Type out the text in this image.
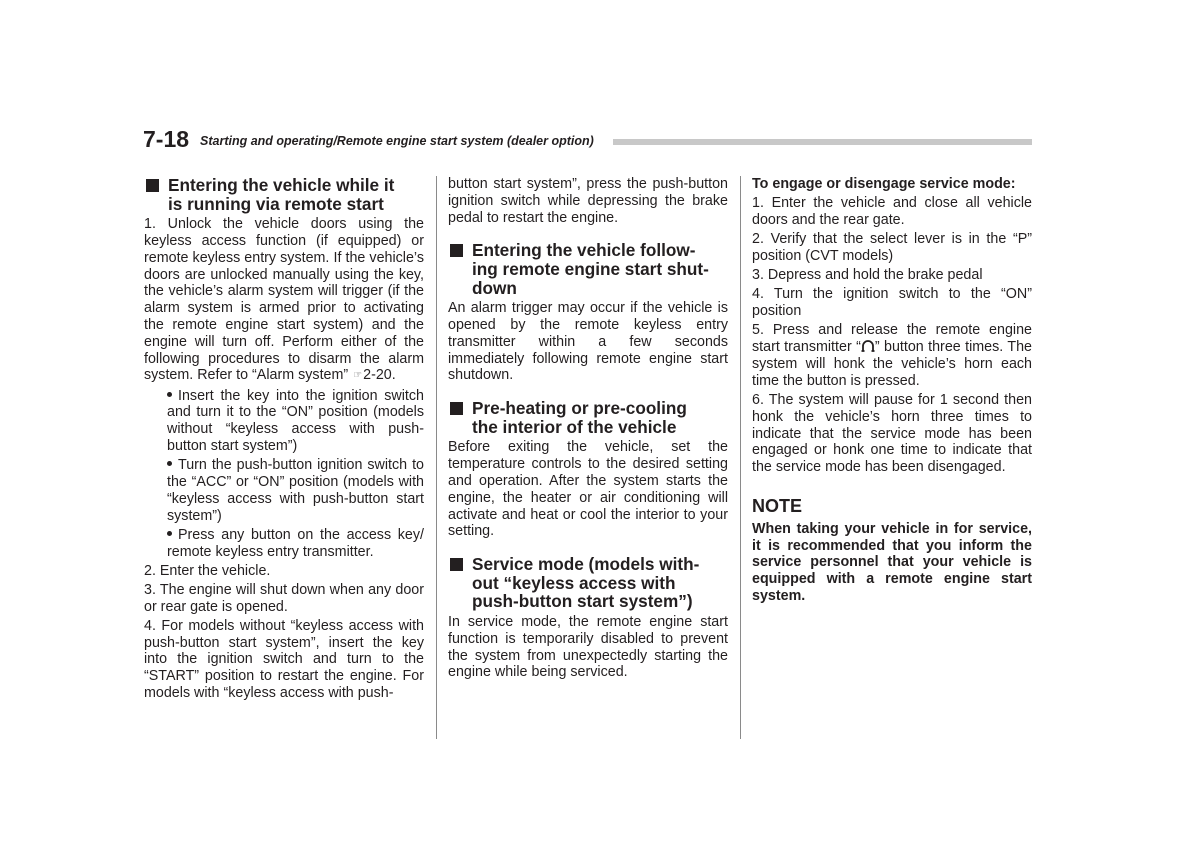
7-18 Starting and operating/Remote engine start system (dealer option)
Entering the vehicle while it
is running via remote start

1. Unlock the vehicle doors using the keyless access function (if equipped) or remote keyless entry system. If the vehicle’s doors are unlocked manually using the key, the vehicle’s alarm system will trigger (if the alarm system is armed prior to activating the remote engine start system) and the engine will turn off. Perform either of the following procedures to disarm the alarm system. Refer to “Alarm system” ☞2-20.

Insert the key into the ignition switch and turn it to the “ON” position (models without “keyless access with push-button start system”)

Turn the push-button ignition switch to the “ACC” or “ON” position (models with “keyless access with push-button start system”)

Press any button on the access key/ remote keyless entry transmitter.

2. Enter the vehicle.

3. The engine will shut down when any door or rear gate is opened.

4. For models without “keyless access with push-button start system”, insert the key into the ignition switch and turn to the “START” position to restart the engine. For models with “keyless access with push-

button start system”, press the push-button ignition switch while depressing the brake pedal to restart the engine.

Entering the vehicle follow-
ing remote engine start shut-
down

An alarm trigger may occur if the vehicle is opened by the remote keyless entry transmitter within a few seconds immediately following remote engine start shutdown.

Pre-heating or pre-cooling
the interior of the vehicle

Before exiting the vehicle, set the temperature controls to the desired setting and operation. After the system starts the engine, the heater or air conditioning will activate and heat or cool the interior to your setting.

Service mode (models with-
out “keyless access with
push-button start system”)

In service mode, the remote engine start function is temporarily disabled to prevent the system from unexpectedly starting the engine while being serviced.

To engage or disengage service mode:

1. Enter the vehicle and close all vehicle doors and the rear gate.

2. Verify that the select lever is in the “P” position (CVT models)

3. Depress and hold the brake pedal

4. Turn the ignition switch to the “ON” position

5. Press and release the remote engine start transmitter “ ” button three times. The system will honk the vehicle’s horn each time the button is pressed.

6. The system will pause for 1 second then honk the vehicle’s horn three times to indicate that the service mode has been engaged or honk one time to indicate that the service mode has been disengaged.

NOTE

When taking your vehicle in for service, it is recommended that you inform the service personnel that your vehicle is equipped with a remote engine start system.
